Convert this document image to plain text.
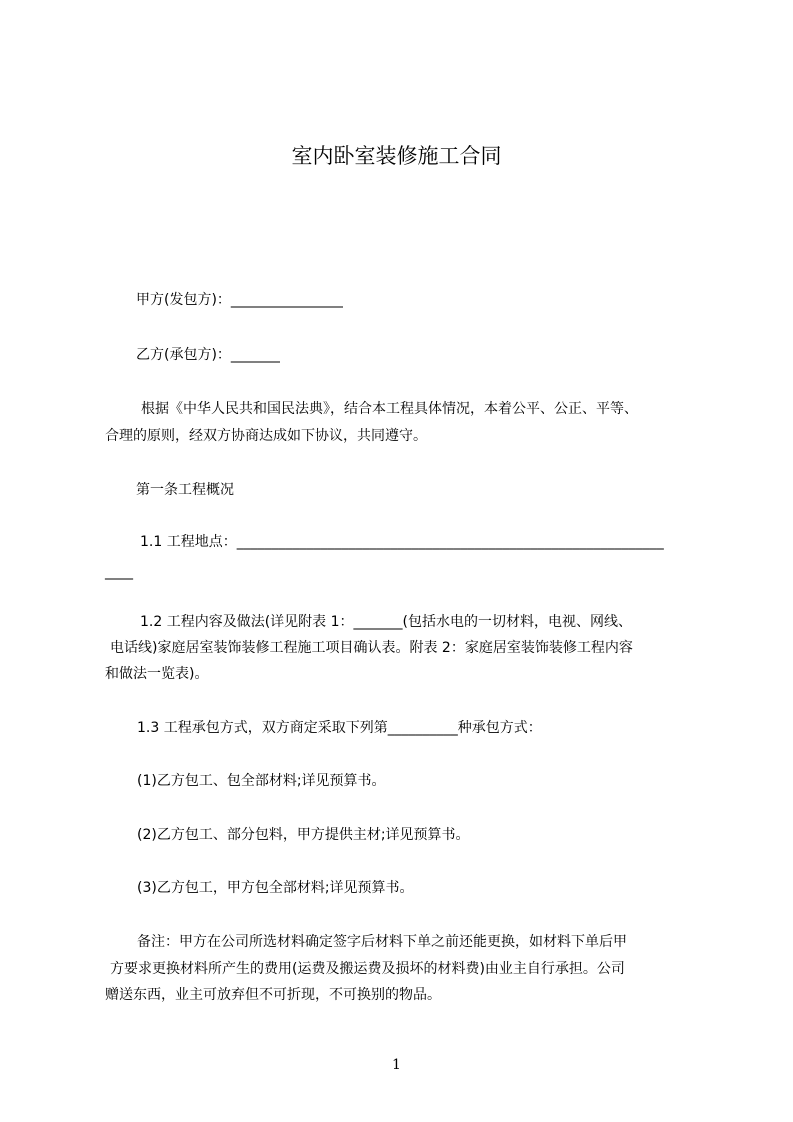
室内卧室装修施工合同
甲方(发包方)：________________
乙方(承包方)：_______
根据《中华人民共和国民法典》，结合本工程具体情况，本着公平、公正、平等、
合理的原则，经双方协商达成如下协议，共同遵守。
第一条工程概况
1.1 工程地点：_____________________________________________________________
____
1.2 工程内容及做法(详见附表 1：_______(包括水电的一切材料，电视、网线、
电话线)家庭居室装饰装修工程施工项目确认表。附表 2：家庭居室装饰装修工程内容
和做法一览表)。
1.3 工程承包方式，双方商定采取下列第__________种承包方式：
(1)乙方包工、包全部材料;详见预算书。
(2)乙方包工、部分包料，甲方提供主材;详见预算书。
(3)乙方包工，甲方包全部材料;详见预算书。
备注：甲方在公司所选材料确定签字后材料下单之前还能更换，如材料下单后甲
方要求更换材料所产生的费用(运费及搬运费及损坏的材料费)由业主自行承担。公司
赠送东西，业主可放弃但不可折现，不可换别的物品。
1
